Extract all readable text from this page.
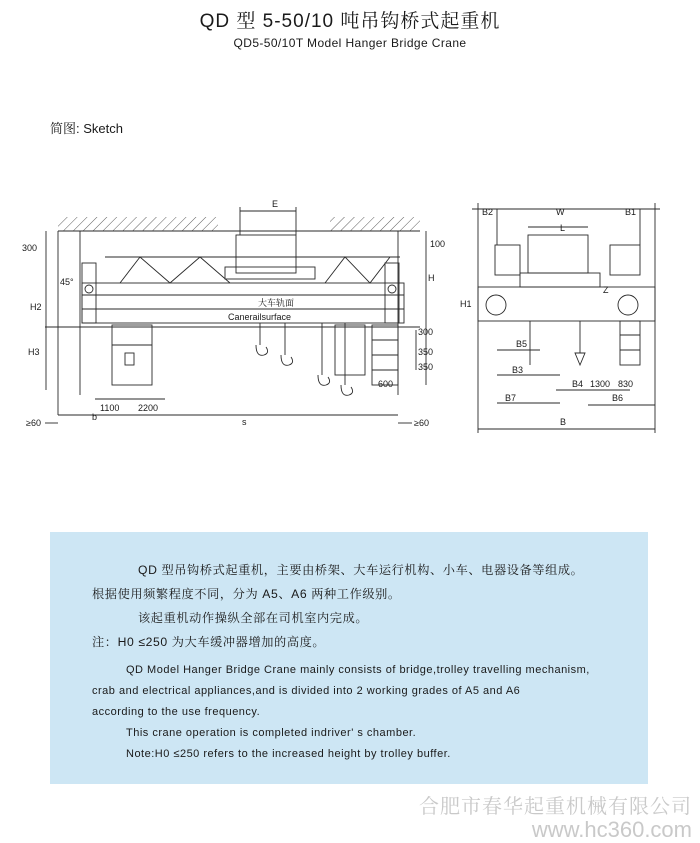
QD 型 5-50/10 吨吊钩桥式起重机
QD5-50/10T Model Hanger Bridge Crane
简图: Sketch
E
300
45°
100
H
H2
H3
大车轨面
Canerailsurface
300
350
350
600
1100 2200
b	s
≥60	≥60
B2	W	B1
L
H1
Z
B5
B3
B4 1300 830
B7	B6
B

QD 型吊钩桥式起重机，主要由桥架、大车运行机构、小车、电器设备等组成。

根据使用频繁程度不同，分为 A5、A6 两种工作级别。

该起重机动作操纵全部在司机室内完成。

注：H0 ≤250 为大车缓冲器增加的高度。

QD Model Hanger Bridge Crane mainly consists of bridge,trolley travelling mechanism,

crab and electrical appliances,and is divided into 2 working grades of A5 and A6

according to the use frequency.

This crane operation is completed indriver' s chamber.

Note:H0 ≤250 refers to the increased height by trolley buffer.

合肥市春华起重机械有限公司
www.hc360.com
